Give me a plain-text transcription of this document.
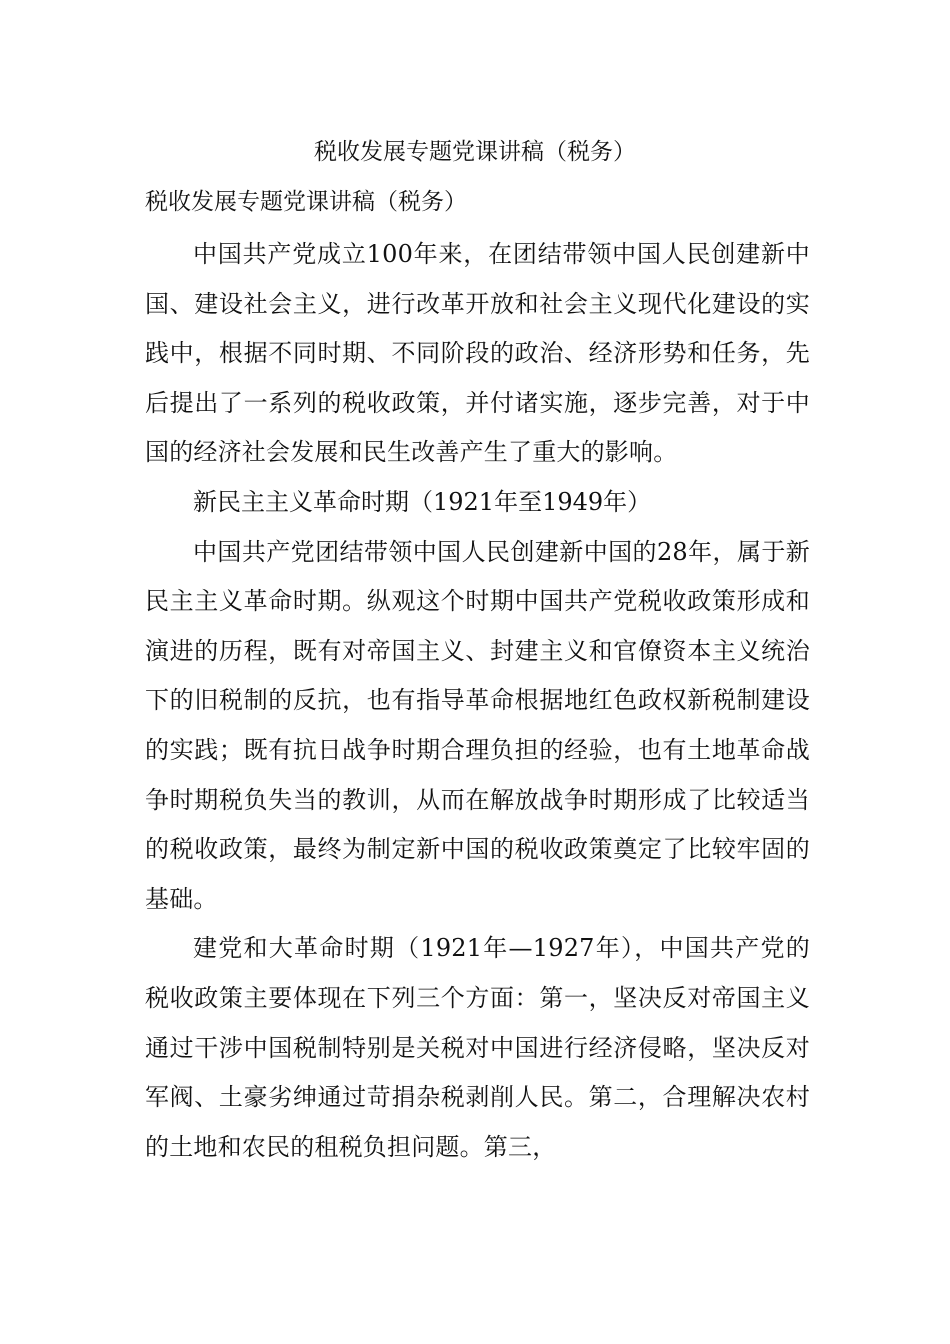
税收发展专题党课讲稿（税务）
税收发展专题党课讲稿（税务）

中国共产党成立100年来，在团结带领中国人民创建新中国、建设社会主义，进行改革开放和社会主义现代化建设的实践中，根据不同时期、不同阶段的政治、经济形势和任务，先后提出了一系列的税收政策，并付诸实施，逐步完善，对于中国的经济社会发展和民生改善产生了重大的影响。

新民主主义革命时期（1921年至1949年）

中国共产党团结带领中国人民创建新中国的28年，属于新民主主义革命时期。纵观这个时期中国共产党税收政策形成和演进的历程，既有对帝国主义、封建主义和官僚资本主义统治下的旧税制的反抗，也有指导革命根据地红色政权新税制建设的实践；既有抗日战争时期合理负担的经验，也有土地革命战争时期税负失当的教训，从而在解放战争时期形成了比较适当的税收政策，最终为制定新中国的税收政策奠定了比较牢固的基础。

建党和大革命时期（1921年—1927年），中国共产党的税收政策主要体现在下列三个方面：第一，坚决反对帝国主义通过干涉中国税制特别是关税对中国进行经济侵略，坚决反对军阀、土豪劣绅通过苛捐杂税剥削人民。第二，合理解决农村的土地和农民的租税负担问题。第三，
